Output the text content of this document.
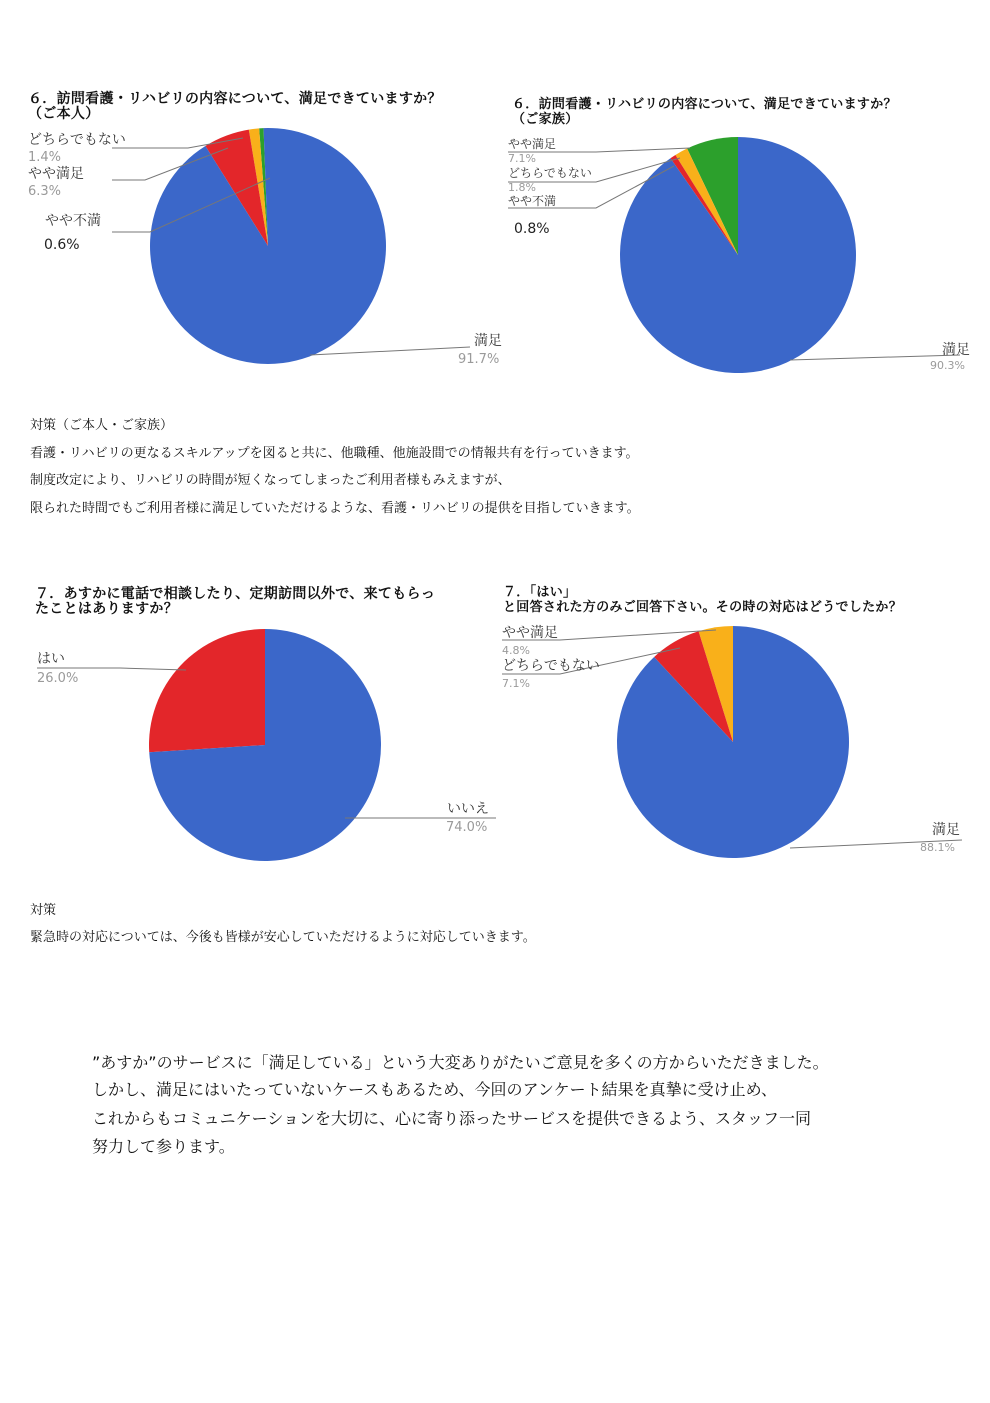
６．訪問看護・リハビリの内容について、満足できていますか？
（ご本人）
どちらでもない
1.4%
やや満足
6.3%
やや不満
0.6%
満足
91.7%
６．訪問看護・リハビリの内容について、満足できていますか？
（ご家族）
やや満足
7.1%
どちらでもない
1.8%
やや不満
0.8%
満足
90.3%
対策（ご本人・ご家族）
看護・リハビリの更なるスキルアップを図ると共に、他職種、他施設間での情報共有を行っていきます。
制度改定により、リハビリの時間が短くなってしまったご利用者様もみえますが、
限られた時間でもご利用者様に満足していただけるような、看護・リハビリの提供を目指していきます。
７．あすかに電話で相談したり、定期訪問以外で、来てもらっ
たことはありますか？
はい
26.0%
いいえ
74.0%
７．「はい」
と回答された方のみご回答下さい。その時の対応はどうでしたか？
やや満足
4.8%
どちらでもない
7.1%
満足
88.1%
対策
緊急時の対応については、今後も皆様が安心していただけるように対応していきます。
”あすか”のサービスに「満足している」という大変ありがたいご意見を多くの方からいただきました。
しかし、満足にはいたっていないケースもあるため、今回のアンケート結果を真摯に受け止め、
これからもコミュニケーションを大切に、心に寄り添ったサービスを提供できるよう、スタッフ一同
努力して参ります。
